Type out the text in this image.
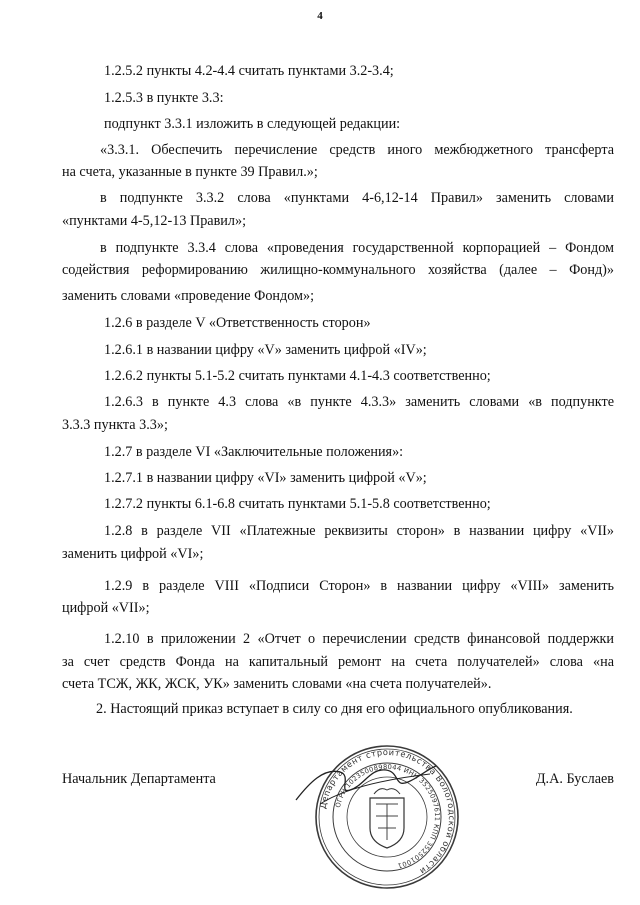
4
1.2.5.2 пункты 4.2-4.4 считать пунктами 3.2-3.4;
1.2.5.3 в пункте 3.3:
подпункт 3.3.1 изложить в следующей редакции:
«3.3.1. Обеспечить перечисление средств иного межбюджетного трансферта
на счета, указанные в пункте 39 Правил.»;
в подпункте 3.3.2 слова «пунктами 4-6,12-14 Правил» заменить словами
«пунктами 4-5,12-13 Правил»;
в подпункте 3.3.4 слова «проведения государственной корпорацией – Фондом
содействия реформированию жилищно-коммунального хозяйства (далее – Фонд)»
заменить словами «проведение Фондом»;
1.2.6 в разделе V «Ответственность сторон»
1.2.6.1 в названии цифру «V» заменить цифрой «IV»;
1.2.6.2 пункты 5.1-5.2 считать пунктами 4.1-4.3 соответственно;
1.2.6.3 в пункте 4.3 слова «в пункте 4.3.3» заменить словами «в подпункте
3.3.3 пункта 3.3»;
1.2.7 в разделе VI «Заключительные положения»:
1.2.7.1 в названии цифру «VI» заменить цифрой «V»;
1.2.7.2 пункты 6.1-6.8 считать пунктами 5.1-5.8 соответственно;
1.2.8 в разделе VII «Платежные реквизиты сторон» в названии цифру «VII»
заменить цифрой «VI»;
1.2.9 в разделе VIII «Подписи Сторон» в названии цифру «VIII» заменить
цифрой «VII»;
1.2.10 в приложении 2 «Отчет о перечислении средств финансовой поддержки
за счет средств Фонда на капитальный ремонт на счета получателей» слова «на
счета ТСЖ, ЖК, ЖСК, УК» заменить словами «на счета получателей».
2. Настоящий приказ вступает в силу со дня его официального опубликования.
Департамент строительства Вологодской области
ОГРН 1023500898044 ИНН 3525097611 КПП 352501001
Начальник Департамента	Д.А. Буслаев
